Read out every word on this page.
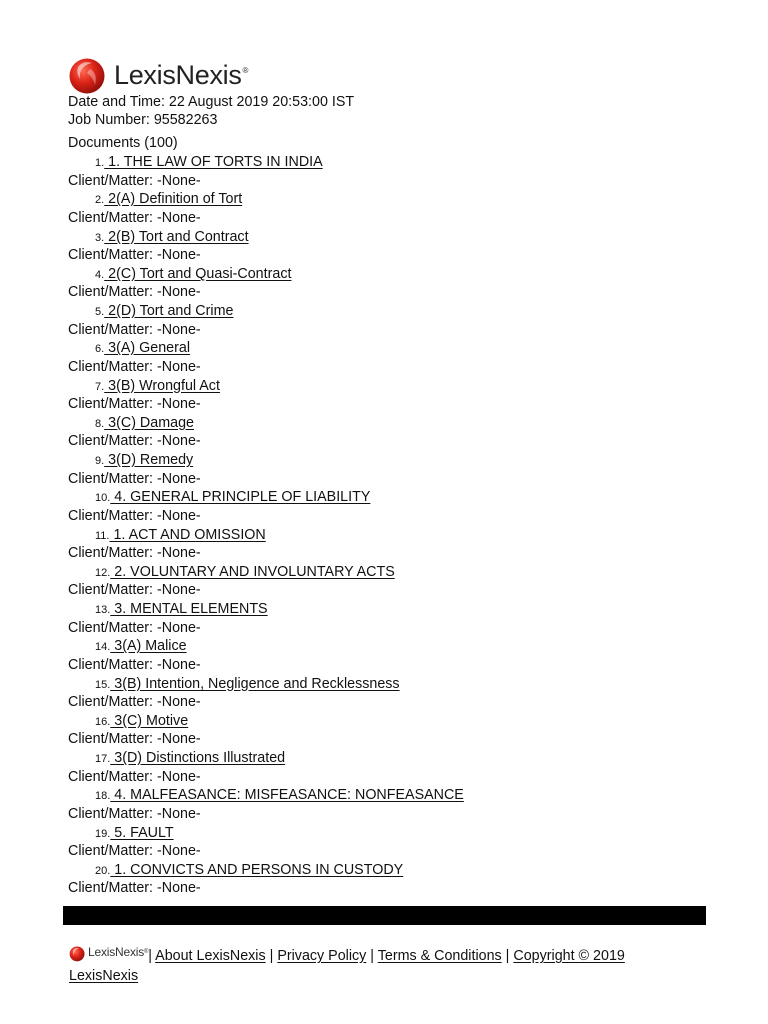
LexisNexis®
Date and Time: 22 August 2019 20:53:00 IST
Job Number: 95582263
Documents (100)
1. 1. THE LAW OF TORTS IN INDIA
Client/Matter: -None-
2. 2(A) Definition of Tort
Client/Matter: -None-
3. 2(B) Tort and Contract
Client/Matter: -None-
4. 2(C) Tort and Quasi-Contract
Client/Matter: -None-
5. 2(D) Tort and Crime
Client/Matter: -None-
6. 3(A) General
Client/Matter: -None-
7. 3(B) Wrongful Act
Client/Matter: -None-
8. 3(C) Damage
Client/Matter: -None-
9. 3(D) Remedy
Client/Matter: -None-
10. 4. GENERAL PRINCIPLE OF LIABILITY
Client/Matter: -None-
11. 1. ACT AND OMISSION
Client/Matter: -None-
12. 2. VOLUNTARY AND INVOLUNTARY ACTS
Client/Matter: -None-
13. 3. MENTAL ELEMENTS
Client/Matter: -None-
14. 3(A) Malice
Client/Matter: -None-
15. 3(B) Intention, Negligence and Recklessness
Client/Matter: -None-
16. 3(C) Motive
Client/Matter: -None-
17. 3(D) Distinctions Illustrated
Client/Matter: -None-
18. 4. MALFEASANCE: MISFEASANCE: NONFEASANCE
Client/Matter: -None-
19. 5. FAULT
Client/Matter: -None-
20. 1. CONVICTS AND PERSONS IN CUSTODY
Client/Matter: -None-
LexisNexis® | About LexisNexis | Privacy Policy | Terms & Conditions | Copyright © 2019 LexisNexis
